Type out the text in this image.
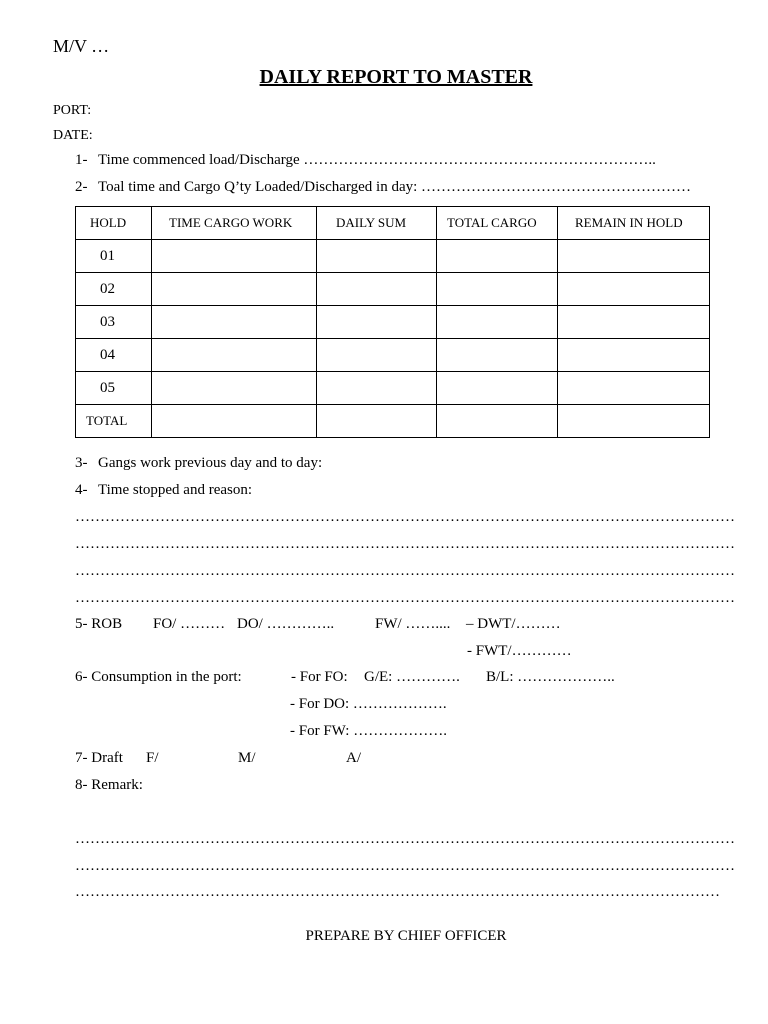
M/V …
DAILY REPORT TO MASTER
PORT:
DATE:
1- Time commenced load/Discharge ……………………………………………………………..
2- Toal time and Cargo Q’ty Loaded/Discharged in day: ………………………………………………
HOLD	TIME CARGO WORK	DAILY SUM	TOTAL CARGO	REMAIN IN HOLD
01				
02				
03				
04				
05				
TOTAL				
3- Gangs work previous day and to day:
4- Time stopped and reason:
……………………………………………………………………………………………………………………
……………………………………………………………………………………………………………………
……………………………………………………………………………………………………………………
……………………………………………………………………………………………………………………
5- ROB FO/ ……… DO/ …………..	FW/ …….... – DWT/………
- FWT/…………
6- Consumption in the port:	- For FO: G/E: …………. B/L: ………………..
- For DO: ……………….
- For FW: ……………….
7- Draft F/	M/	A/
8- Remark:
……………………………………………………………………………………………………………………
……………………………………………………………………………………………………………………
…………………………………………………………………………………………………………………
PREPARE BY CHIEF OFFICER
